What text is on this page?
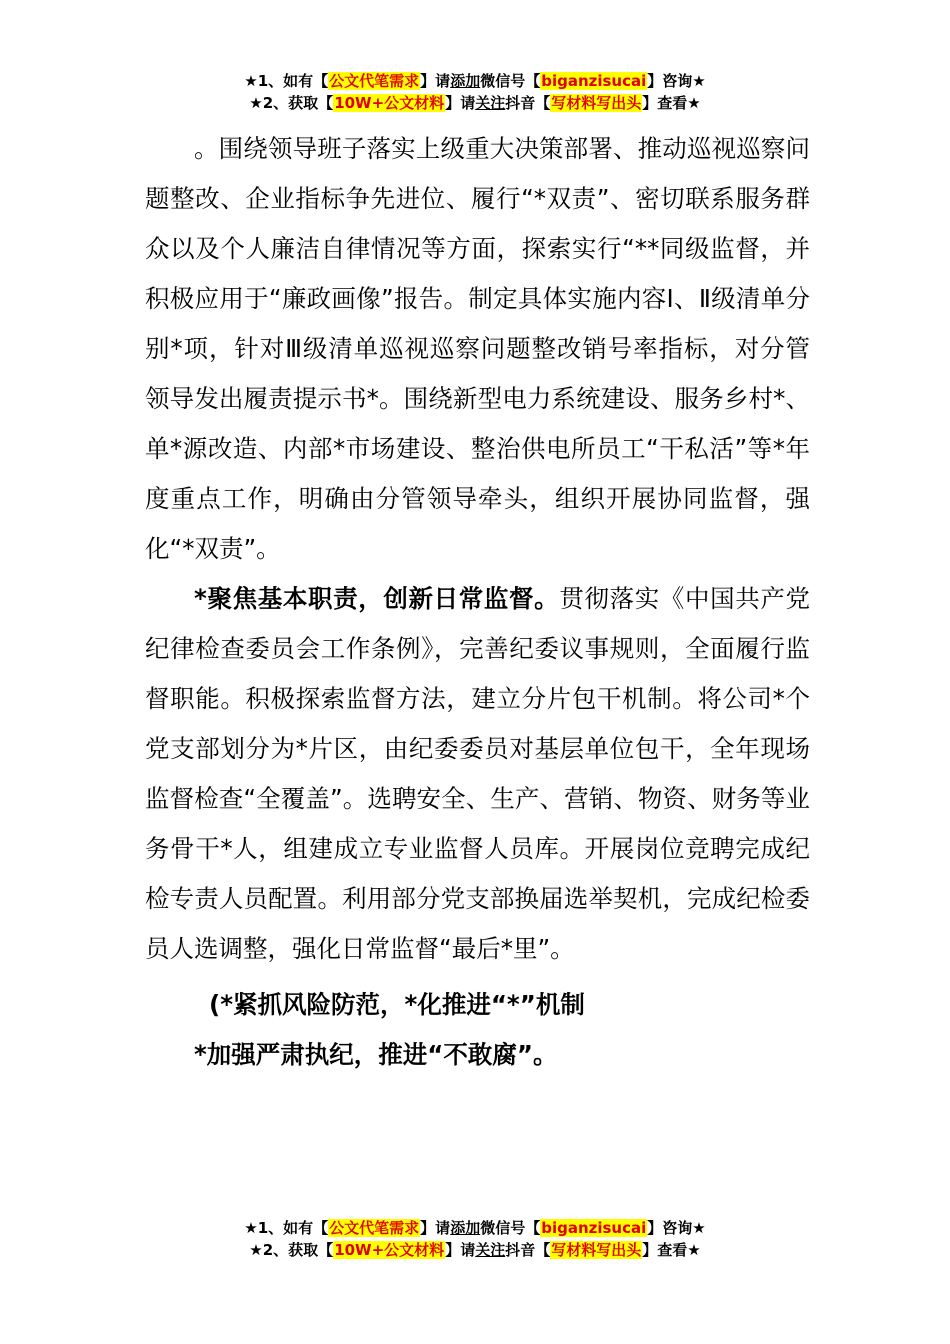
★1、如有【公文代笔需求】请添加微信号【biganzisucai】咨询★
★2、获取【10W+公文材料】请关注抖音【写材料写出头】查看★

。围绕领导班子落实上级重大决策部署、推动巡视巡察问题整改、企业指标争先进位、履行“*双责”、密切联系服务群众以及个人廉洁自律情况等方面，探索实行“**同级监督，并积极应用于“廉政画像”报告。制定具体实施内容Ⅰ、Ⅱ级清单分别*项，针对Ⅲ级清单巡视巡察问题整改销号率指标，对分管领导发出履责提示书*。围绕新型电力系统建设、服务乡村*、单*源改造、内部*市场建设、整治供电所员工“干私活”等*年度重点工作，明确由分管领导牵头，组织开展协同监督，强化“*双责”。

*聚焦基本职责，创新日常监督。贯彻落实《中国共产党纪律检查委员会工作条例》，完善纪委议事规则，全面履行监督职能。积极探索监督方法，建立分片包干机制。将公司*个党支部划分为*片区，由纪委委员对基层单位包干，全年现场监督检查“全覆盖”。选聘安全、生产、营销、物资、财务等业务骨干*人，组建成立专业监督人员库。开展岗位竞聘完成纪检专责人员配置。利用部分党支部换届选举契机，完成纪检委员人选调整，强化日常监督“最后*里”。

(*紧抓风险防范，*化推进“*”机制

*加强严肃执纪，推进“不敢腐”。

★1、如有【公文代笔需求】请添加微信号【biganzisucai】咨询★
★2、获取【10W+公文材料】请关注抖音【写材料写出头】查看★
